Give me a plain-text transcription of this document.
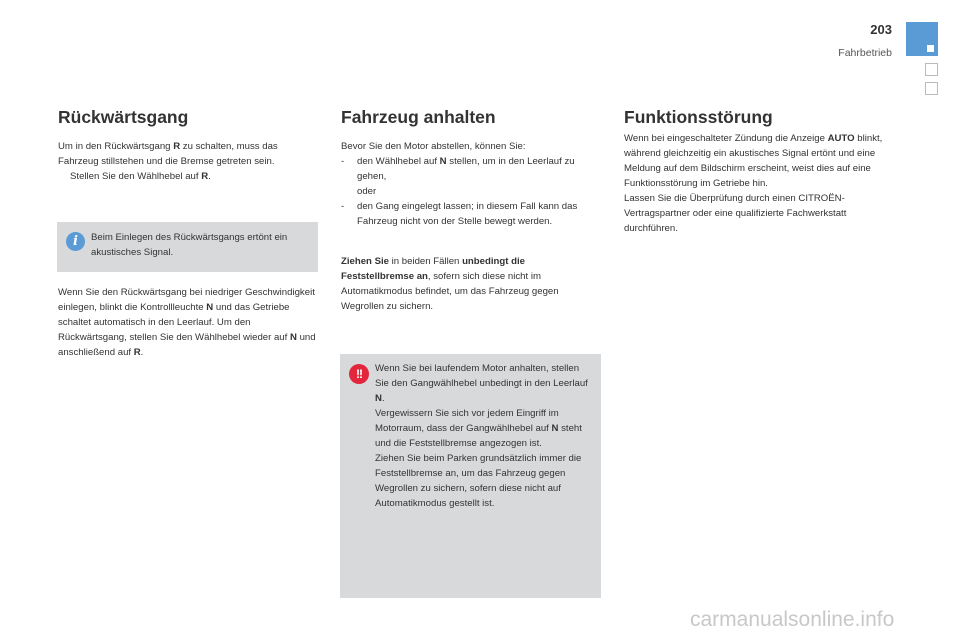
203
Fahrbetrieb
Rückwärtsgang

Um in den Rückwärtsgang R zu schalten, muss das Fahrzeug stillstehen und die Bremse getreten sein.

Stellen Sie den Wählhebel auf R.

i	Beim Einlegen des Rückwärtsgangs ertönt ein akustisches Signal.

Wenn Sie den Rückwärtsgang bei niedriger Geschwindigkeit einlegen, blinkt die Kontrollleuchte N und das Getriebe schaltet automatisch in den Leerlauf. Um den Rückwärtsgang, stellen Sie den Wählhebel wieder auf N und anschließend auf R.

Fahrzeug anhalten

Bevor Sie den Motor abstellen, können Sie:

- den Wählhebel auf N stellen, um in den Leerlauf zu gehen,
oder

- den Gang eingelegt lassen; in diesem Fall kann das Fahrzeug nicht von der Stelle bewegt werden.

Ziehen Sie in beiden Fällen unbedingt die Feststellbremse an, sofern sich diese nicht im Automatikmodus befindet, um das Fahrzeug gegen Wegrollen zu sichern.

!!	Wenn Sie bei laufendem Motor anhalten, stellen Sie den Gangwählhebel unbedingt in den Leerlauf N.

Vergewissern Sie sich vor jedem Eingriff im Motorraum, dass der Gangwählhebel auf N steht und die Feststellbremse angezogen ist.

Ziehen Sie beim Parken grundsätzlich immer die Feststellbremse an, um das Fahrzeug gegen Wegrollen zu sichern, sofern diese nicht auf Automatikmodus gestellt ist.

Funktionsstörung

Wenn bei eingeschalteter Zündung die Anzeige AUTO blinkt, während gleichzeitig ein akustisches Signal ertönt und eine Meldung auf dem Bildschirm erscheint, weist dies auf eine Funktionsstörung im Getriebe hin.

Lassen Sie die Überprüfung durch einen CITROËN-Vertragspartner oder eine qualifizierte Fachwerkstatt durchführen.

carmanualsonline.info
